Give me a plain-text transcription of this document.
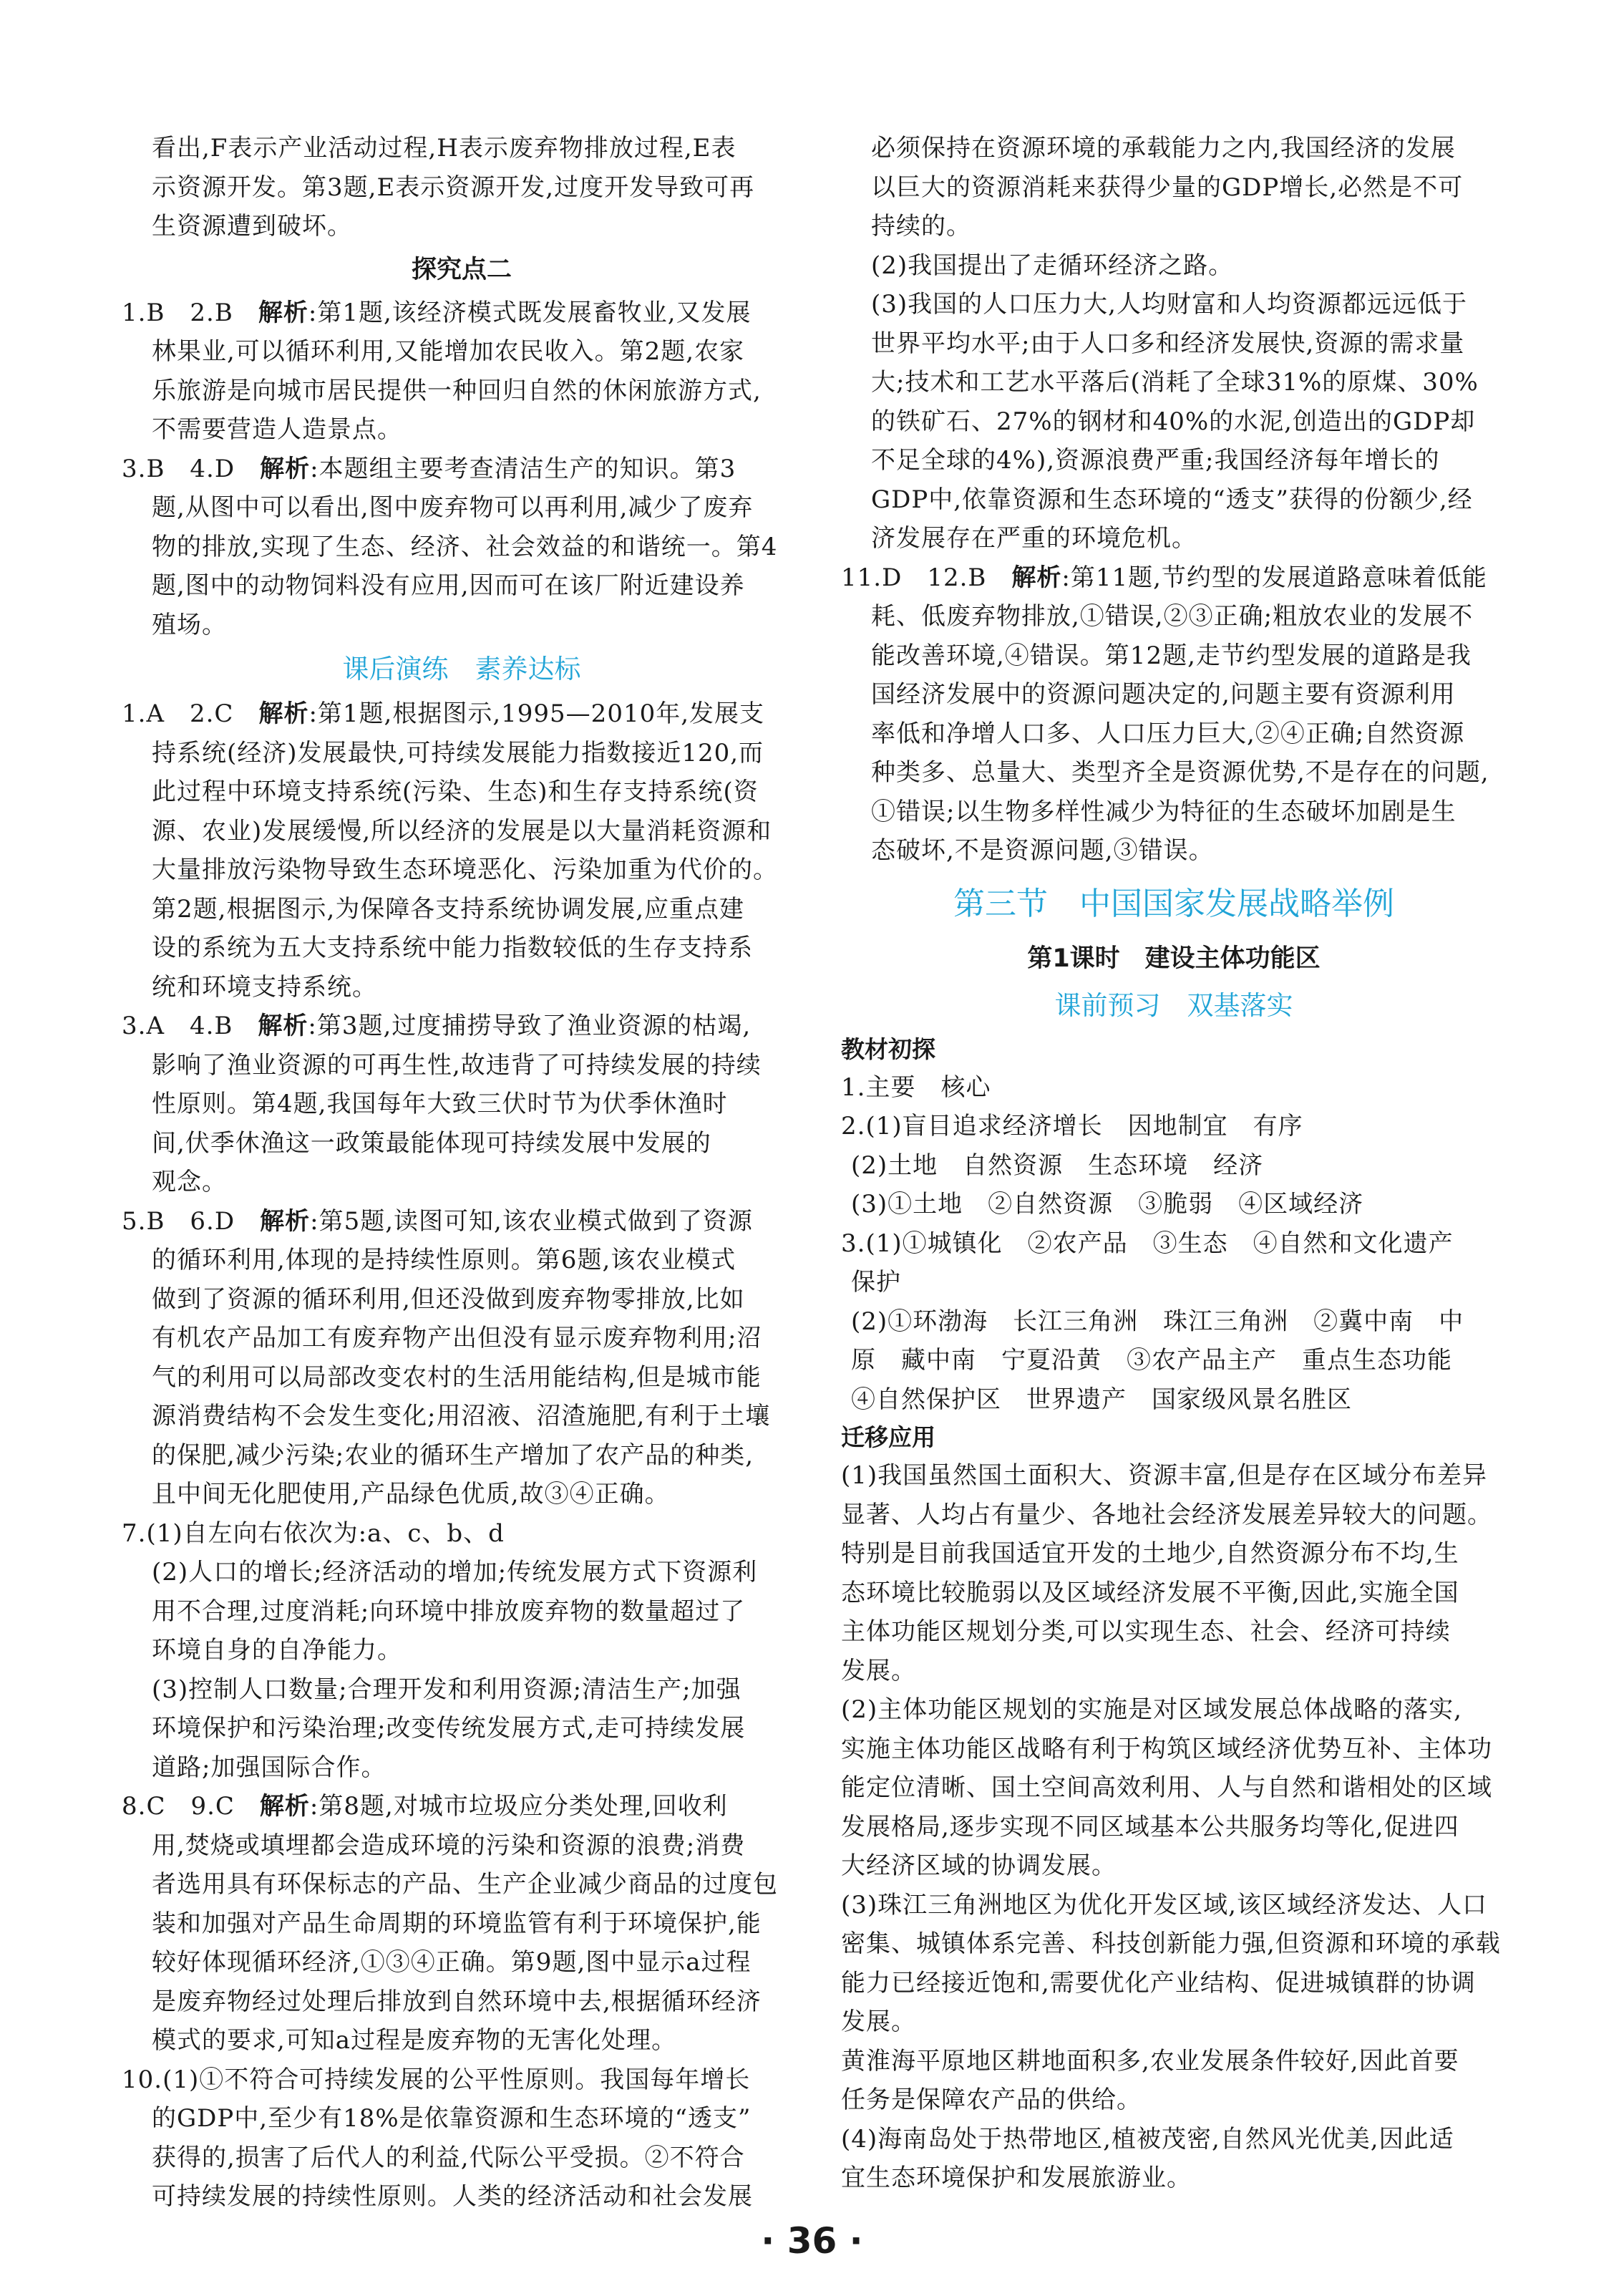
看出,F表示产业活动过程,H表示废弃物排放过程,E表

示资源开发。第3题,E表示资源开发,过度开发导致可再

生资源遭到破坏。

探究点二

1.B　2.B　解析:第1题,该经济模式既发展畜牧业,又发展

林果业,可以循环利用,又能增加农民收入。第2题,农家

乐旅游是向城市居民提供一种回归自然的休闲旅游方式,

不需要营造人造景点。

3.B　4.D　解析:本题组主要考查清洁生产的知识。第3

题,从图中可以看出,图中废弃物可以再利用,减少了废弃

物的排放,实现了生态、经济、社会效益的和谐统一。第4

题,图中的动物饲料没有应用,因而可在该厂附近建设养

殖场。

课后演练　素养达标

1.A　2.C　解析:第1题,根据图示,1995—2010年,发展支

持系统(经济)发展最快,可持续发展能力指数接近120,而

此过程中环境支持系统(污染、生态)和生存支持系统(资

源、农业)发展缓慢,所以经济的发展是以大量消耗资源和

大量排放污染物导致生态环境恶化、污染加重为代价的。

第2题,根据图示,为保障各支持系统协调发展,应重点建

设的系统为五大支持系统中能力指数较低的生存支持系

统和环境支持系统。

3.A　4.B　解析:第3题,过度捕捞导致了渔业资源的枯竭,

影响了渔业资源的可再生性,故违背了可持续发展的持续

性原则。第4题,我国每年大致三伏时节为伏季休渔时

间,伏季休渔这一政策最能体现可持续发展中发展的

观念。

5.B　6.D　解析:第5题,读图可知,该农业模式做到了资源

的循环利用,体现的是持续性原则。第6题,该农业模式

做到了资源的循环利用,但还没做到废弃物零排放,比如

有机农产品加工有废弃物产出但没有显示废弃物利用;沼

气的利用可以局部改变农村的生活用能结构,但是城市能

源消费结构不会发生变化;用沼液、沼渣施肥,有利于土壤

的保肥,减少污染;农业的循环生产增加了农产品的种类,

且中间无化肥使用,产品绿色优质,故③④正确。

7.(1)自左向右依次为:a、c、b、d

(2)人口的增长;经济活动的增加;传统发展方式下资源利

用不合理,过度消耗;向环境中排放废弃物的数量超过了

环境自身的自净能力。

(3)控制人口数量;合理开发和利用资源;清洁生产;加强

环境保护和污染治理;改变传统发展方式,走可持续发展

道路;加强国际合作。

8.C　9.C　解析:第8题,对城市垃圾应分类处理,回收利

用,焚烧或填埋都会造成环境的污染和资源的浪费;消费

者选用具有环保标志的产品、生产企业减少商品的过度包

装和加强对产品生命周期的环境监管有利于环境保护,能

较好体现循环经济,①③④正确。第9题,图中显示a过程

是废弃物经过处理后排放到自然环境中去,根据循环经济

模式的要求,可知a过程是废弃物的无害化处理。

10.(1)①不符合可持续发展的公平性原则。我国每年增长

的GDP中,至少有18%是依靠资源和生态环境的“透支”

获得的,损害了后代人的利益,代际公平受损。②不符合

可持续发展的持续性原则。人类的经济活动和社会发展

必须保持在资源环境的承载能力之内,我国经济的发展

以巨大的资源消耗来获得少量的GDP增长,必然是不可

持续的。

(2)我国提出了走循环经济之路。

(3)我国的人口压力大,人均财富和人均资源都远远低于

世界平均水平;由于人口多和经济发展快,资源的需求量

大;技术和工艺水平落后(消耗了全球31%的原煤、30%

的铁矿石、27%的钢材和40%的水泥,创造出的GDP却

不足全球的4%),资源浪费严重;我国经济每年增长的

GDP中,依靠资源和生态环境的“透支”获得的份额少,经

济发展存在严重的环境危机。

11.D　12.B　解析:第11题,节约型的发展道路意味着低能

耗、低废弃物排放,①错误,②③正确;粗放农业的发展不

能改善环境,④错误。第12题,走节约型发展的道路是我

国经济发展中的资源问题决定的,问题主要有资源利用

率低和净增人口多、人口压力巨大,②④正确;自然资源

种类多、总量大、类型齐全是资源优势,不是存在的问题,

①错误;以生物多样性减少为特征的生态破坏加剧是生

态破坏,不是资源问题,③错误。

第三节　中国国家发展战略举例
第1课时　建设主体功能区
课前预习　双基落实
教材初探

1.主要　核心

2.(1)盲目追求经济增长　因地制宜　有序

(2)土地　自然资源　生态环境　经济

(3)①土地　②自然资源　③脆弱　④区域经济

3.(1)①城镇化　②农产品　③生态　④自然和文化遗产

保护

(2)①环渤海　长江三角洲　珠江三角洲　②冀中南　中

原　藏中南　宁夏沿黄　③农产品主产　重点生态功能

④自然保护区　世界遗产　国家级风景名胜区

迁移应用

(1)我国虽然国土面积大、资源丰富,但是存在区域分布差异

显著、人均占有量少、各地社会经济发展差异较大的问题。

特别是目前我国适宜开发的土地少,自然资源分布不均,生

态环境比较脆弱以及区域经济发展不平衡,因此,实施全国

主体功能区规划分类,可以实现生态、社会、经济可持续

发展。

(2)主体功能区规划的实施是对区域发展总体战略的落实,

实施主体功能区战略有利于构筑区域经济优势互补、主体功

能定位清晰、国土空间高效利用、人与自然和谐相处的区域

发展格局,逐步实现不同区域基本公共服务均等化,促进四

大经济区域的协调发展。

(3)珠江三角洲地区为优化开发区域,该区域经济发达、人口

密集、城镇体系完善、科技创新能力强,但资源和环境的承载

能力已经接近饱和,需要优化产业结构、促进城镇群的协调

发展。

黄淮海平原地区耕地面积多,农业发展条件较好,因此首要

任务是保障农产品的供给。

(4)海南岛处于热带地区,植被茂密,自然风光优美,因此适

宜生态环境保护和发展旅游业。

· 36 ·
